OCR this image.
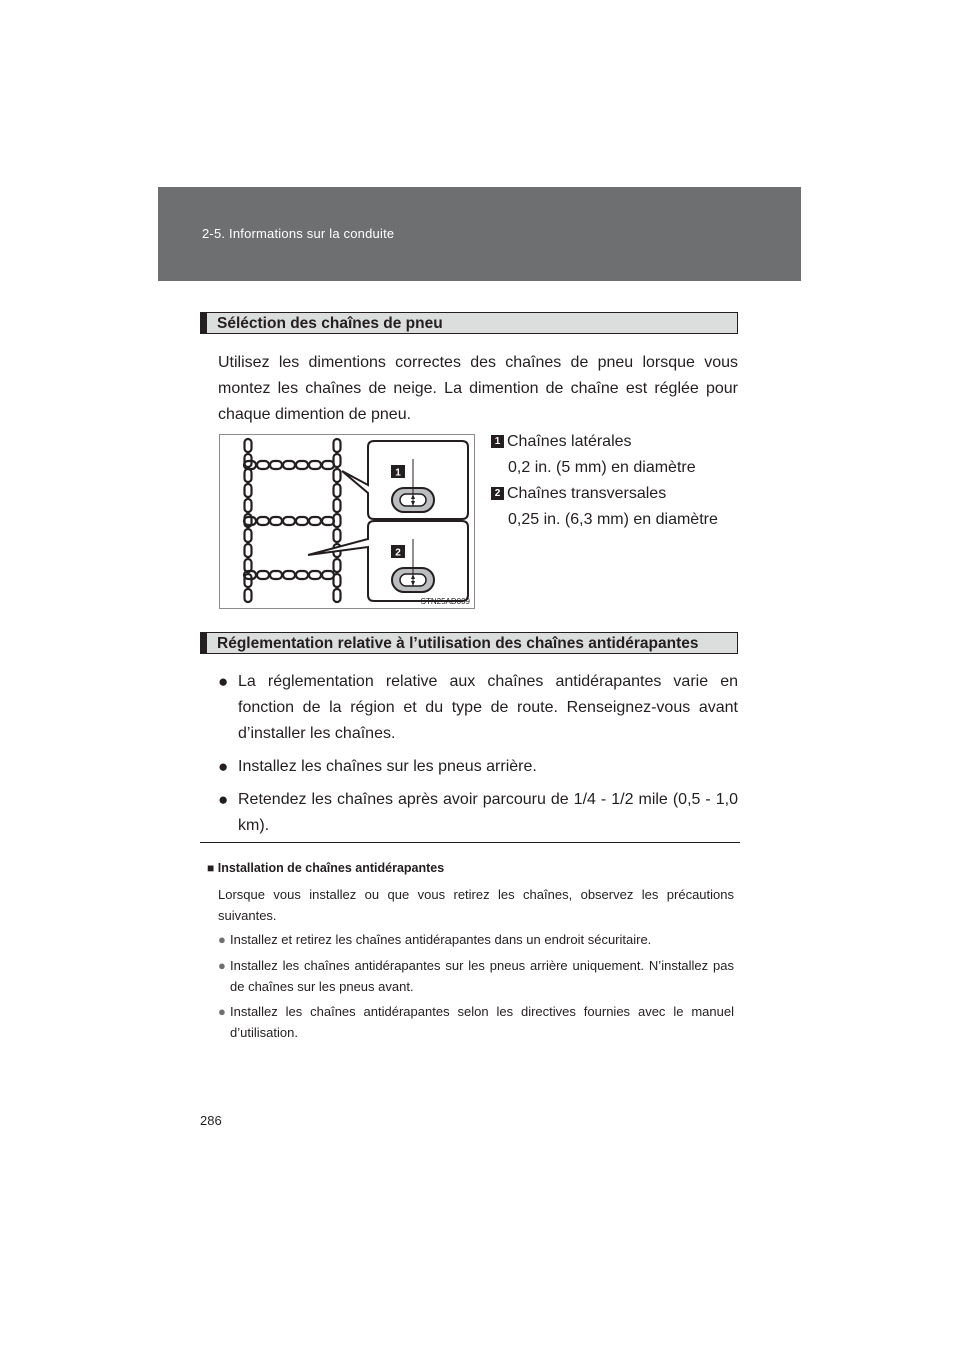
2-5. Informations sur la conduite
Séléction des chaînes de pneu
Utilisez les dimentions correctes des chaînes de pneu lorsque vous montez les chaînes de neige. La dimention de chaîne est réglée pour chaque dimention de pneu.
1
2
STN25AD009
1 Chaînes latérales
0,2 in. (5 mm) en diamètre
2 Chaînes transversales
0,25 in. (6,3 mm) en diamètre
Réglementation relative à l’utilisation des chaînes antidérapantes
● La réglementation relative aux chaînes antidérapantes varie en fonction de la région et du type de route. Renseignez-vous avant d’installer les chaînes.
● Installez les chaînes sur les pneus arrière.
● Retendez les chaînes après avoir parcouru de 1/4 - 1/2 mile (0,5 - 1,0 km).
■ Installation de chaînes antidérapantes
Lorsque vous installez ou que vous retirez les chaînes, observez les précautions suivantes.
● Installez et retirez les chaînes antidérapantes dans un endroit sécuritaire.
● Installez les chaînes antidérapantes sur les pneus arrière uniquement. N’installez pas de chaînes sur les pneus avant.
● Installez les chaînes antidérapantes selon les directives fournies avec le manuel d’utilisation.
286
